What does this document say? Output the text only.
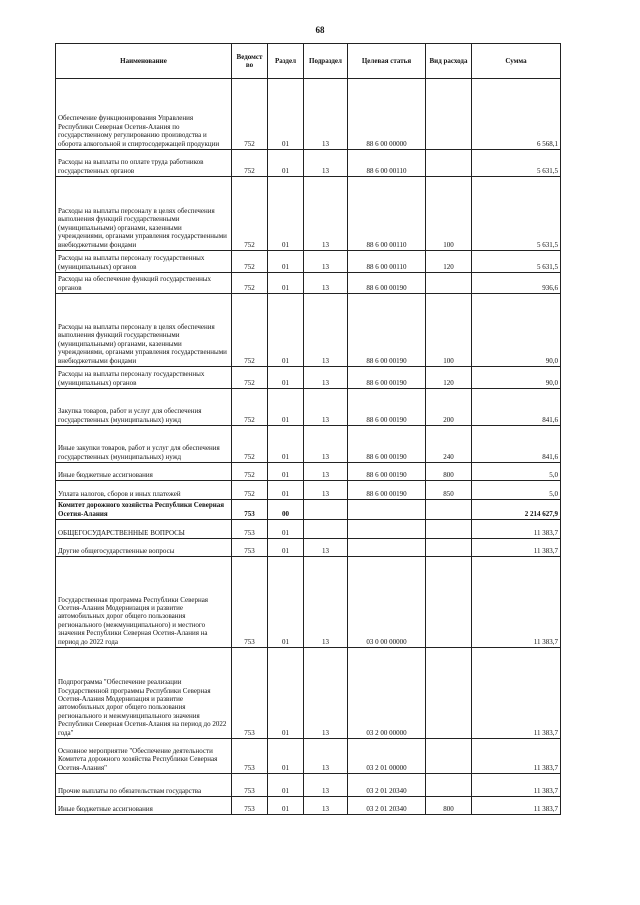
68
Наименование	Ведомст во	Раздел	Подраздел	Целевая статья	Вид расхода	Сумма
Обеспечение функционирования Управления Республики Северная Осетия-Алания по государственному регулированию производства и оборота алкогольной и спиртосодержащей продукции	752	01	13	88 6 00 00000		6 568,1
Расходы на выплаты по оплате труда работников государственных органов	752	01	13	88 6 00 00110		5 631,5
Расходы на выплаты персоналу в целях обеспечения выполнения функций государственными (муниципальными) органами, казенными учреждениями, органами управления государственными внебюджетными фондами	752	01	13	88 6 00 00110	100	5 631,5
Расходы на выплаты персоналу государственных (муниципальных) органов	752	01	13	88 6 00 00110	120	5 631,5
Расходы на обеспечение функций государственных органов	752	01	13	88 6 00 00190		936,6
Расходы на выплаты персоналу в целях обеспечения выполнения функций государственными (муниципальными) органами, казенными учреждениями, органами управления государственными внебюджетными фондами	752	01	13	88 6 00 00190	100	90,0
Расходы на выплаты персоналу государственных (муниципальных) органов	752	01	13	88 6 00 00190	120	90,0
Закупка товаров, работ и услуг для обеспечения государственных (муниципальных) нужд	752	01	13	88 6 00 00190	200	841,6
Иные закупки товаров, работ и услуг для обеспечения государственных (муниципальных) нужд	752	01	13	88 6 00 00190	240	841,6
Иные бюджетные ассигнования	752	01	13	88 6 00 00190	800	5,0
Уплата налогов, сборов и иных платежей	752	01	13	88 6 00 00190	850	5,0
Комитет дорожного хозяйства Республики Северная Осетия-Алания	753	00				2 214 627,9
ОБЩЕГОСУДАРСТВЕННЫЕ ВОПРОСЫ	753	01				11 383,7
Другие общегосударственные вопросы	753	01	13			11 383,7
Государственная программа Республики Северная Осетия-Алания Модернизация и развитие автомобильных дорог общего пользования регионального (межмуниципального) и местного значения Республики Северная Осетия-Алания на период до 2022 года	753	01	13	03 0 00 00000		11 383,7
Подпрограмма "Обеспечение реализации Государственной программы Республики Северная Осетия-Алания Модернизация и развитие автомобильных дорог общего пользования регионального и межмуниципального значения Республики Северная Осетия-Алания на период до 2022 года"	753	01	13	03 2 00 00000		11 383,7
Основное мероприятие "Обеспечение деятельности Комитета дорожного хозяйства Республики Северная Осетия-Алания"	753	01	13	03 2 01 00000		11 383,7
Прочие выплаты по обязательствам государства	753	01	13	03 2 01 20340		11 383,7
Иные бюджетные ассигнования	753	01	13	03 2 01 20340	800	11 383,7
